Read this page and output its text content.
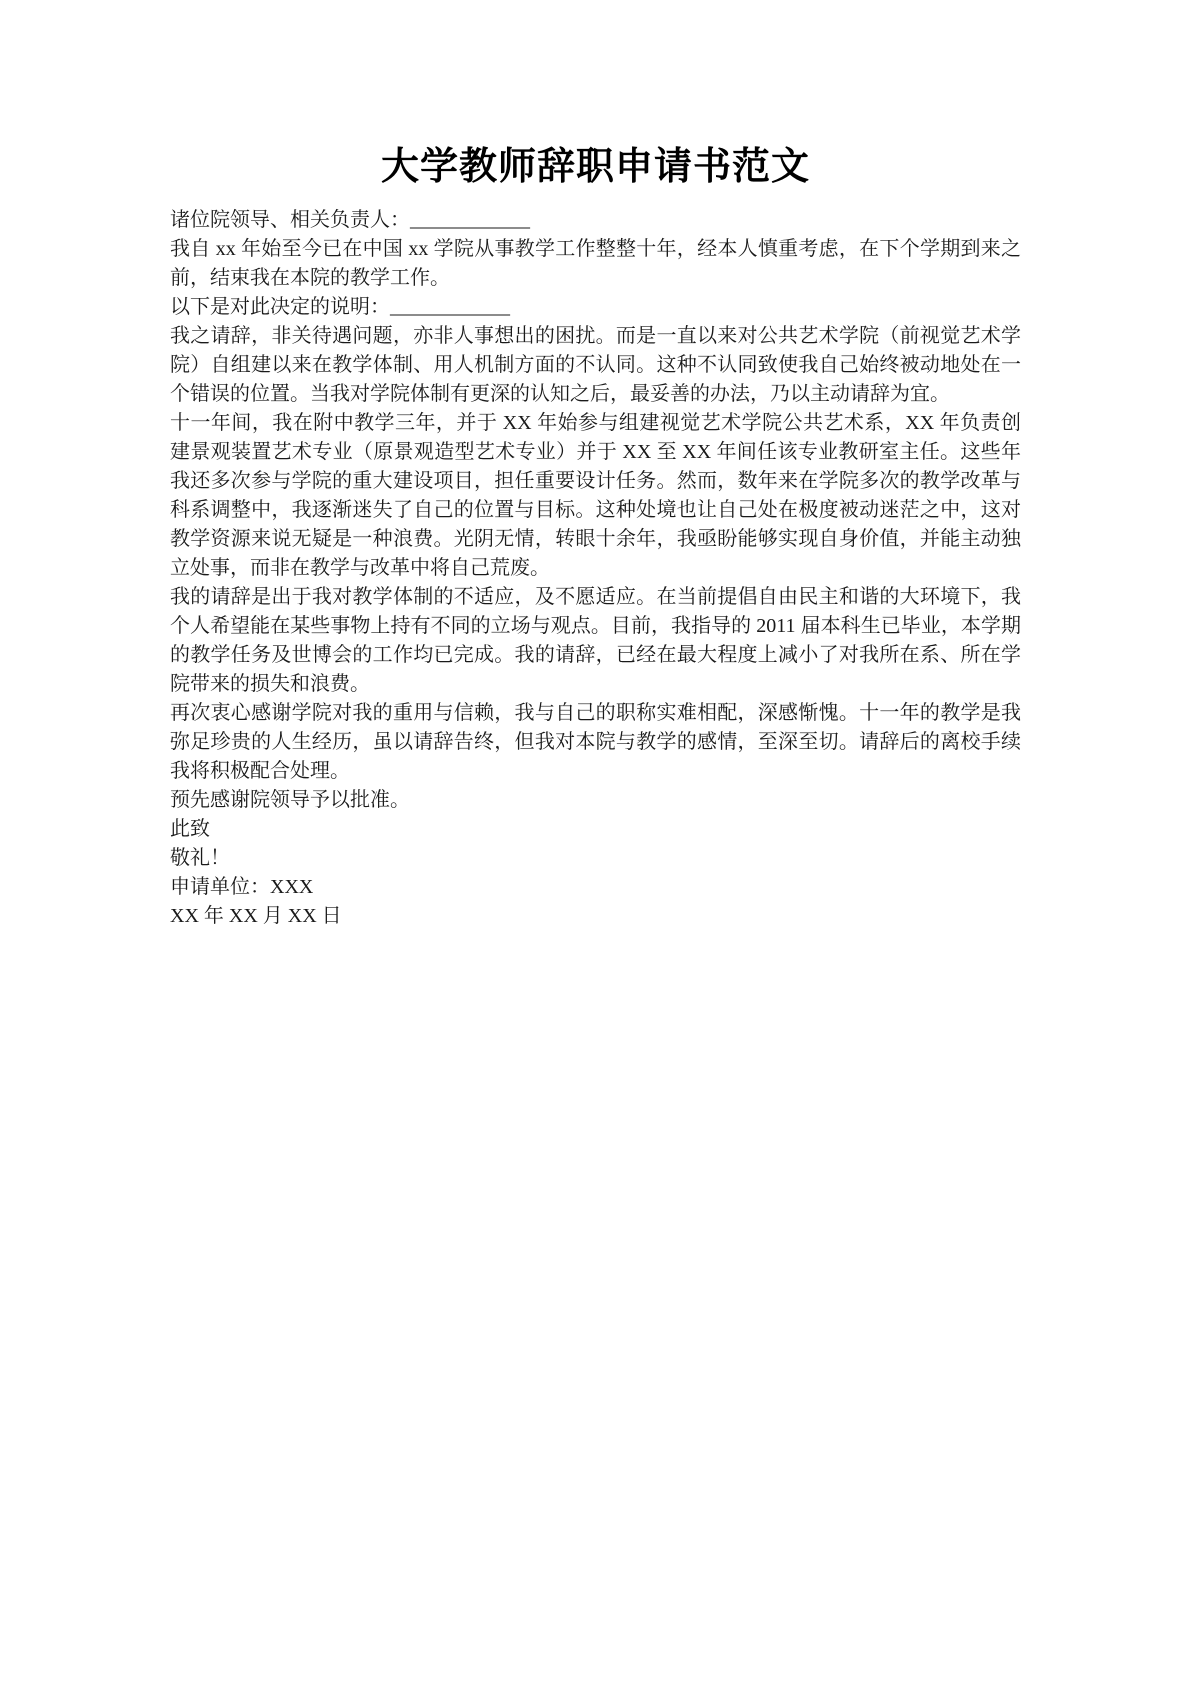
大学教师辞职申请书范文

诸位院领导、相关负责人：____________

我自 xx 年始至今已在中国 xx 学院从事教学工作整整十年，经本人慎重考虑，在下个学期到来之前，结束我在本院的教学工作。

以下是对此决定的说明：____________

我之请辞，非关待遇问题，亦非人事想出的困扰。而是一直以来对公共艺术学院（前视觉艺术学院）自组建以来在教学体制、用人机制方面的不认同。这种不认同致使我自己始终被动地处在一个错误的位置。当我对学院体制有更深的认知之后，最妥善的办法，乃以主动请辞为宜。

十一年间，我在附中教学三年，并于 XX 年始参与组建视觉艺术学院公共艺术系，XX 年负责创建景观装置艺术专业（原景观造型艺术专业）并于 XX 至 XX 年间任该专业教研室主任。这些年我还多次参与学院的重大建设项目，担任重要设计任务。然而，数年来在学院多次的教学改革与科系调整中，我逐渐迷失了自己的位置与目标。这种处境也让自己处在极度被动迷茫之中，这对教学资源来说无疑是一种浪费。光阴无情，转眼十余年，我亟盼能够实现自身价值，并能主动独立处事，而非在教学与改革中将自己荒废。

我的请辞是出于我对教学体制的不适应，及不愿适应。在当前提倡自由民主和谐的大环境下，我个人希望能在某些事物上持有不同的立场与观点。目前，我指导的 2011 届本科生已毕业，本学期的教学任务及世博会的工作均已完成。我的请辞，已经在最大程度上减小了对我所在系、所在学院带来的损失和浪费。

再次衷心感谢学院对我的重用与信赖，我与自己的职称实难相配，深感惭愧。十一年的教学是我弥足珍贵的人生经历，虽以请辞告终，但我对本院与教学的感情，至深至切。请辞后的离校手续我将积极配合处理。

预先感谢院领导予以批准。

此致

敬礼！

申请单位：XXX

XX 年 XX 月 XX 日
